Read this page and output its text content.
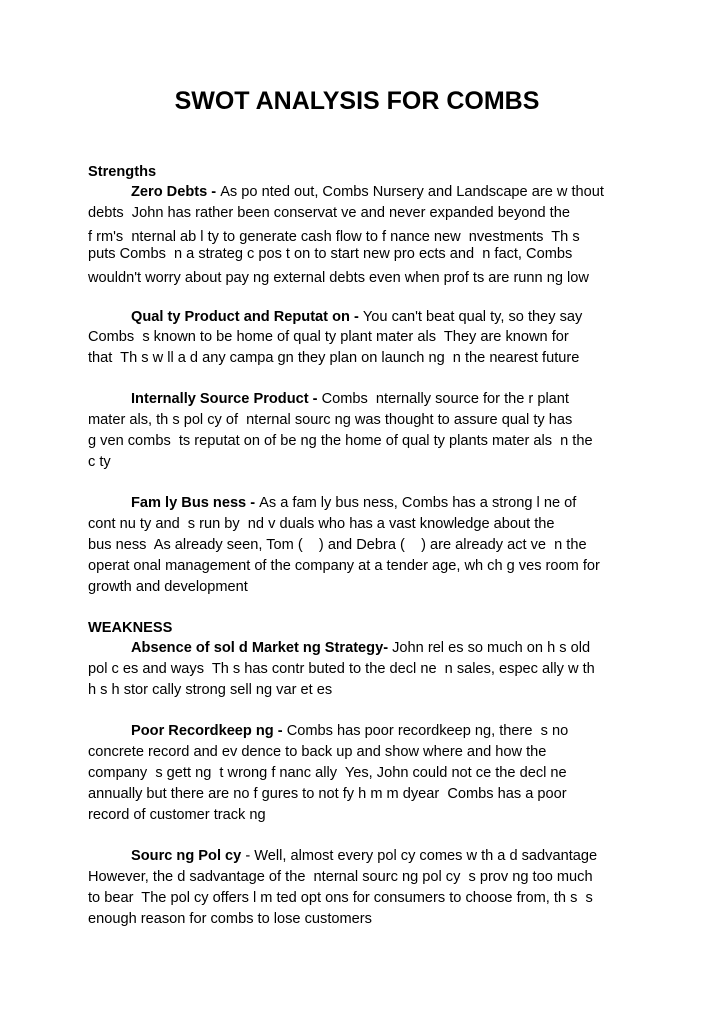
SWOT ANALYSIS FOR COMBS
Strengths
Zero Debts - As po nted out, Combs Nursery and Landscape are w thout
debts  John has rather been conservat ve and never expanded beyond the
f rm's  nternal ab l ty to generate cash flow to f nance new  nvestments  Th s
puts Combs  n a strateg c pos t on to start new pro ects and  n fact, Combs
wouldn't worry about pay ng external debts even when prof ts are runn ng low
Qual ty Product and Reputat on - You can't beat qual ty, so they say
Combs  s known to be home of qual ty plant mater als  They are known for
that  Th s w ll a d any campa gn they plan on launch ng  n the nearest future
Internally Source Product - Combs  nternally source for the r plant
mater als, th s pol cy of  nternal sourc ng was thought to assure qual ty has
g ven combs  ts reputat on of be ng the home of qual ty plants mater als  n the
c ty
Fam ly Bus ness - As a fam ly bus ness, Combs has a strong l ne of
cont nu ty and  s run by  nd v duals who has a vast knowledge about the
bus ness  As already seen, Tom (    ) and Debra (    ) are already act ve  n the
operat onal management of the company at a tender age, wh ch g ves room for
growth and development
WEAKNESS
Absence of sol d Market ng Strategy- John rel es so much on h s old
pol c es and ways  Th s has contr buted to the decl ne  n sales, espec ally w th
h s h stor cally strong sell ng var et es
Poor Recordkeep ng - Combs has poor recordkeep ng, there  s no
concrete record and ev dence to back up and show where and how the
company  s gett ng  t wrong f nanc ally  Yes, John could not ce the decl ne
annually but there are no f gures to not fy h m m dyear  Combs has a poor
record of customer track ng
Sourc ng Pol cy - Well, almost every pol cy comes w th a d sadvantage
However, the d sadvantage of the  nternal sourc ng pol cy  s prov ng too much
to bear  The pol cy offers l m ted opt ons for consumers to choose from, th s  s
enough reason for combs to lose customers
